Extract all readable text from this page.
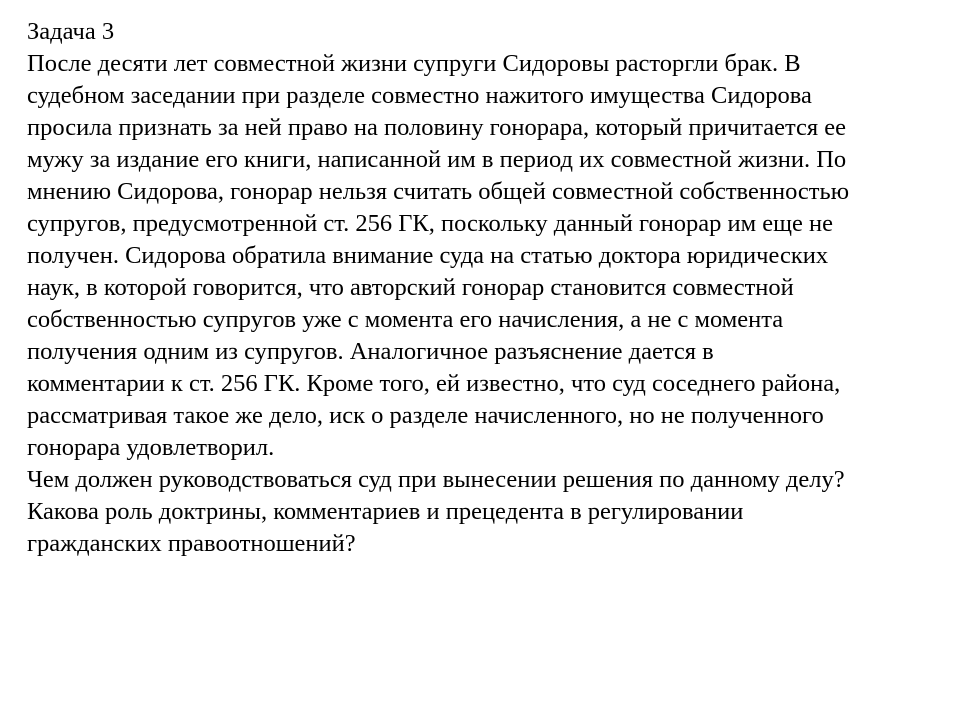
Задача 3
После десяти лет совместной жизни супруги Сидоровы расторгли брак. В
судебном заседании при разделе совместно нажитого имущества Сидорова
просила признать за ней право на половину гонорара, который причитается ее
мужу за издание его книги, написанной им в период их совместной жизни. По
мнению Сидорова, гонорар нельзя считать общей совместной собственностью
супругов, предусмотренной ст. 256 ГК, поскольку данный гонорар им еще не
получен. Сидорова обратила внимание суда на статью доктора юридических
наук, в которой говорится, что авторский гонорар становится совместной
собственностью супругов уже с момента его начисления, а не с момента
получения одним из супругов. Аналогичное разъяснение дается в
комментарии к ст. 256 ГК. Кроме того, ей известно, что суд соседнего района,
рассматривая такое же дело, иск о разделе начисленного, но не полученного
гонорара удовлетворил.
Чем должен руководствоваться суд при вынесении решения по данному делу?
Какова роль доктрины, комментариев и прецедента в регулировании
гражданских правоотношений?
